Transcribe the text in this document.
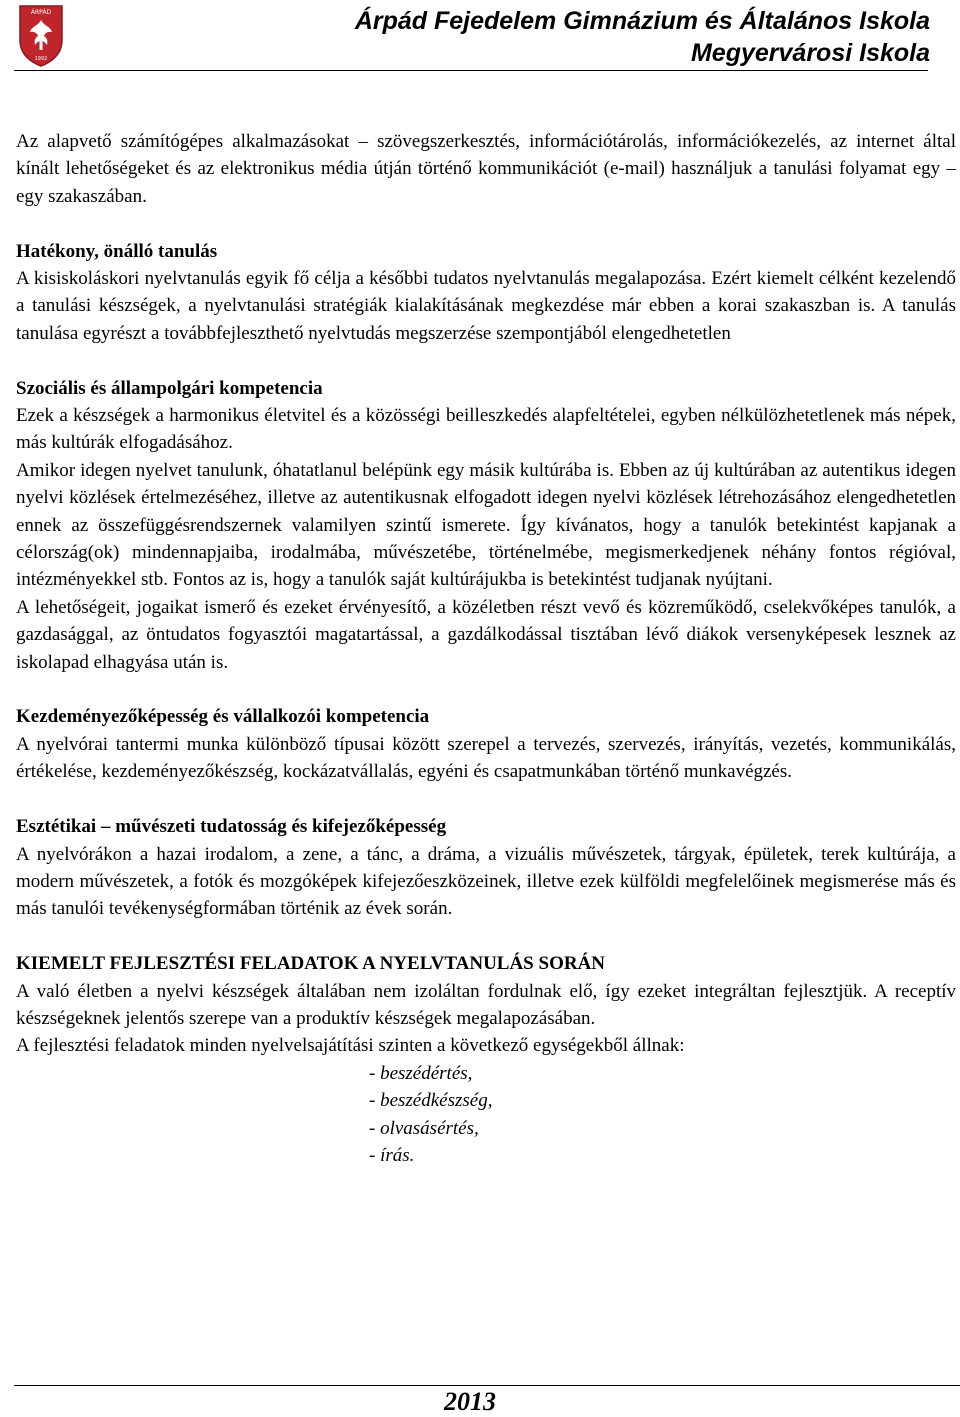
ÁRPÁD
1992
Árpád Fejedelem Gimnázium és Általános Iskola
Megyervárosi Iskola

Az alapvető számítógépes alkalmazásokat – szövegszerkesztés, információtárolás, információkezelés, az internet által kínált lehetőségeket és az elektronikus média útján történő kommunikációt (e-mail) használjuk a tanulási folyamat egy – egy szakaszában.

Hatékony, önálló tanulás

A kisiskoláskori nyelvtanulás egyik fő célja a későbbi tudatos nyelvtanulás megalapozása. Ezért kiemelt célként kezelendő a tanulási készségek, a nyelvtanulási stratégiák kialakításának megkezdése már ebben a korai szakaszban is. A tanulás tanulása egyrészt a továbbfejleszthető nyelvtudás megszerzése szempontjából elengedhetetlen

Szociális és állampolgári kompetencia

Ezek a készségek a harmonikus életvitel és a közösségi beilleszkedés alapfeltételei, egyben nélkülözhetetlenek más népek, más kultúrák elfogadásához.

Amikor idegen nyelvet tanulunk, óhatatlanul belépünk egy másik kultúrába is. Ebben az új kultúrában az autentikus idegen nyelvi közlések értelmezéséhez, illetve az autentikusnak elfogadott idegen nyelvi közlések létrehozásához elengedhetetlen ennek az összefüggésrendszernek valamilyen szintű ismerete. Így kívánatos, hogy a tanulók betekintést kapjanak a célország(ok) mindennapjaiba, irodalmába, művészetébe, történelmébe, megismerkedjenek néhány fontos régióval, intézményekkel stb. Fontos az is, hogy a tanulók saját kultúrájukba is betekintést tudjanak nyújtani.

A lehetőségeit, jogaikat ismerő és ezeket érvényesítő, a közéletben részt vevő és közreműködő, cselekvőképes tanulók, a gazdasággal, az öntudatos fogyasztói magatartással, a gazdálkodással tisztában lévő diákok versenyképesek lesznek az iskolapad elhagyása után is.

Kezdeményezőképesség és vállalkozói kompetencia

A nyelvórai tantermi munka különböző típusai között szerepel a tervezés, szervezés, irányítás, vezetés, kommunikálás, értékelése, kezdeményezőkészség, kockázatvállalás, egyéni és csapatmunkában történő munkavégzés.

Esztétikai – művészeti tudatosság és kifejezőképesség

A nyelvórákon a hazai irodalom, a zene, a tánc, a dráma, a vizuális művészetek, tárgyak, épületek, terek kultúrája, a modern művészetek, a fotók és mozgóképek kifejezőeszközeinek, illetve ezek külföldi megfelelőinek megismerése más és más tanulói tevékenységformában történik az évek során.

KIEMELT FEJLESZTÉSI FELADATOK A NYELVTANULÁS SORÁN

A való életben a nyelvi készségek általában nem izoláltan fordulnak elő, így ezeket integráltan fejlesztjük. A receptív készségeknek jelentős szerepe van a produktív készségek megalapozásában.

A fejlesztési feladatok minden nyelvelsajátítási szinten a következő egységekből állnak:

- beszédértés,
- beszédkészség,
- olvasásértés,
- írás.
2013
